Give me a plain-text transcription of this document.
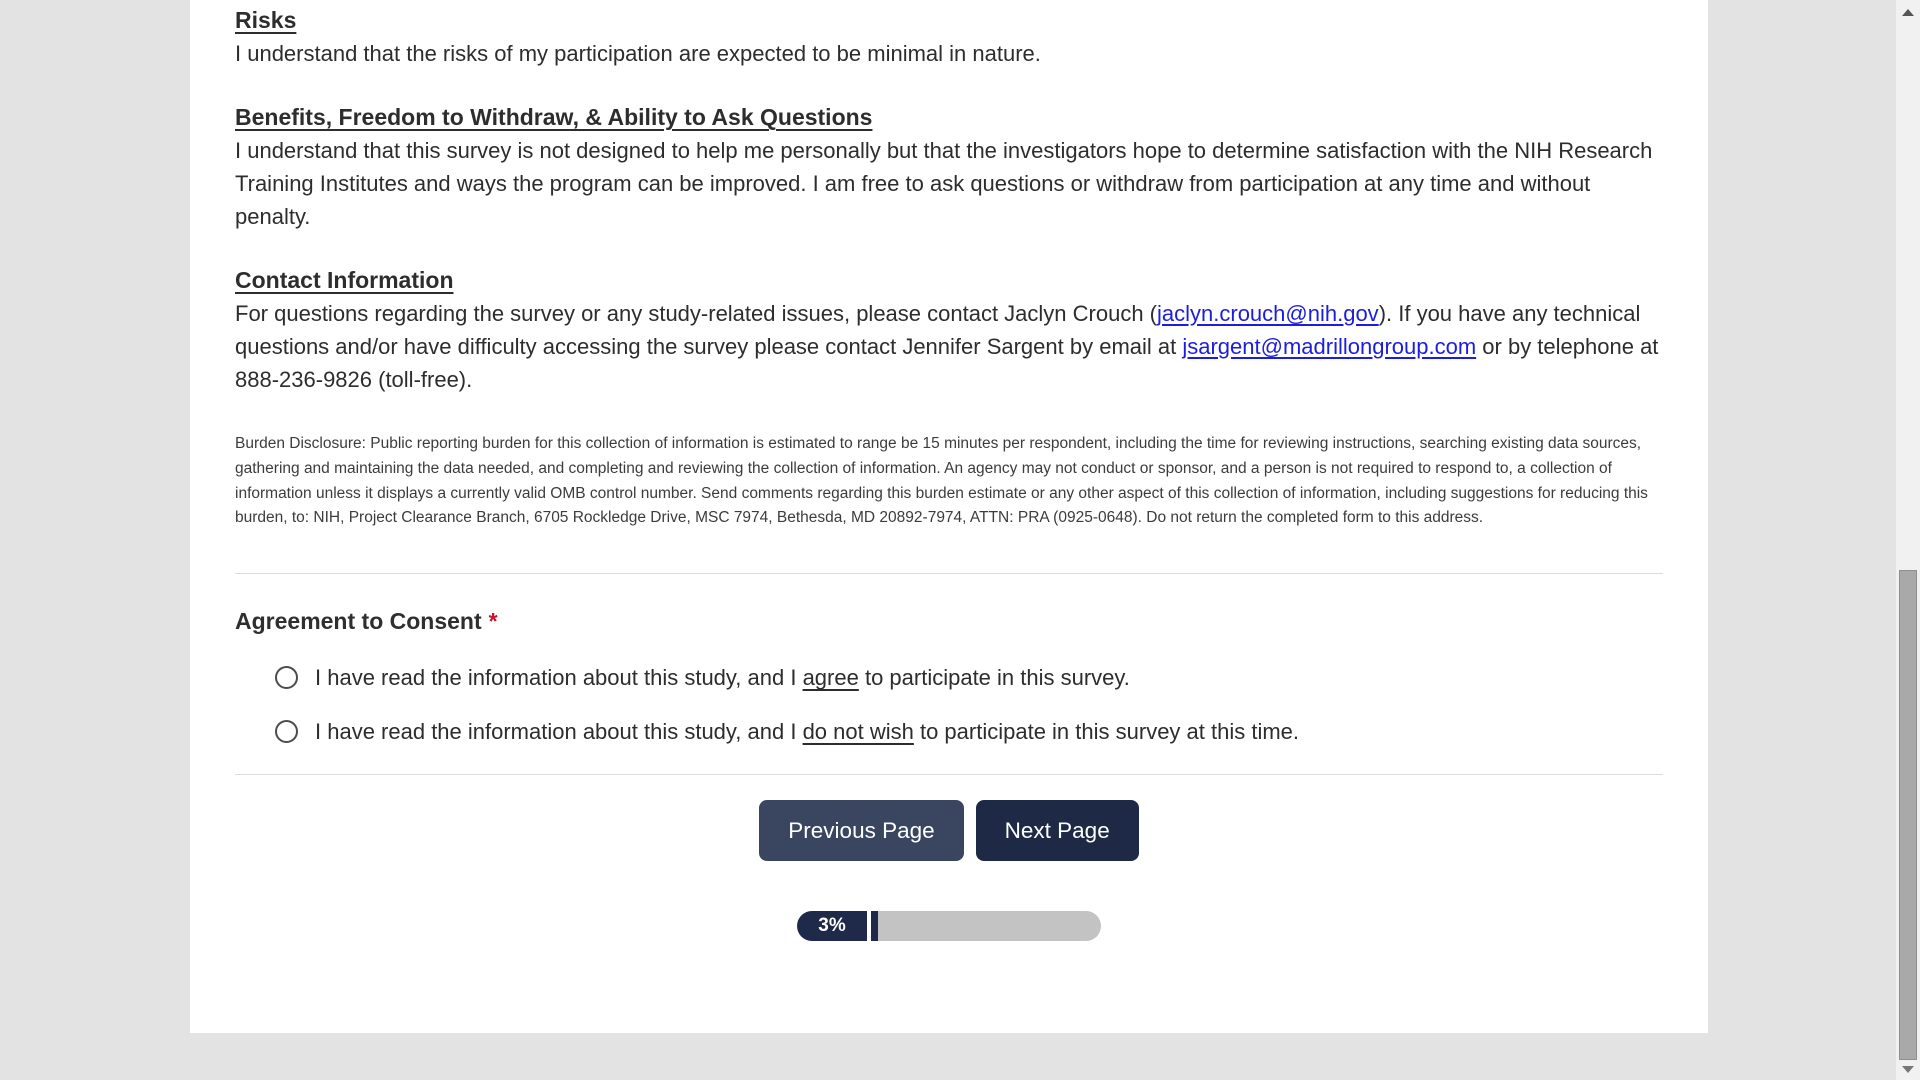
Risks

I understand that the risks of my participation are expected to be minimal in nature.

Benefits, Freedom to Withdraw, & Ability to Ask Questions

I understand that this survey is not designed to help me personally but that the investigators hope to determine satisfaction with the NIH Research Training Institutes and ways the program can be improved. I am free to ask questions or withdraw from participation at any time and without penalty.

Contact Information

For questions regarding the survey or any study-related issues, please contact Jaclyn Crouch (jaclyn.crouch@nih.gov). If you have any technical questions and/or have difficulty accessing the survey please contact Jennifer Sargent by email at jsargent@madrillongroup.com or by telephone at 888-236-9826 (toll-free).

Burden Disclosure: Public reporting burden for this collection of information is estimated to range be 15 minutes per respondent, including the time for reviewing instructions, searching existing data sources, gathering and maintaining the data needed, and completing and reviewing the collection of information. An agency may not conduct or sponsor, and a person is not required to respond to, a collection of information unless it displays a currently valid OMB control number. Send comments regarding this burden estimate or any other aspect of this collection of information, including suggestions for reducing this burden, to: NIH, Project Clearance Branch, 6705 Rockledge Drive, MSC 7974, Bethesda, MD 20892-7974, ATTN: PRA (0925-0648). Do not return the completed form to this address.

Agreement to Consent *
I have read the information about this study, and I agree to participate in this survey.
I have read the information about this study, and I do not wish to participate in this survey at this time.
Previous Page	Next Page
3%
